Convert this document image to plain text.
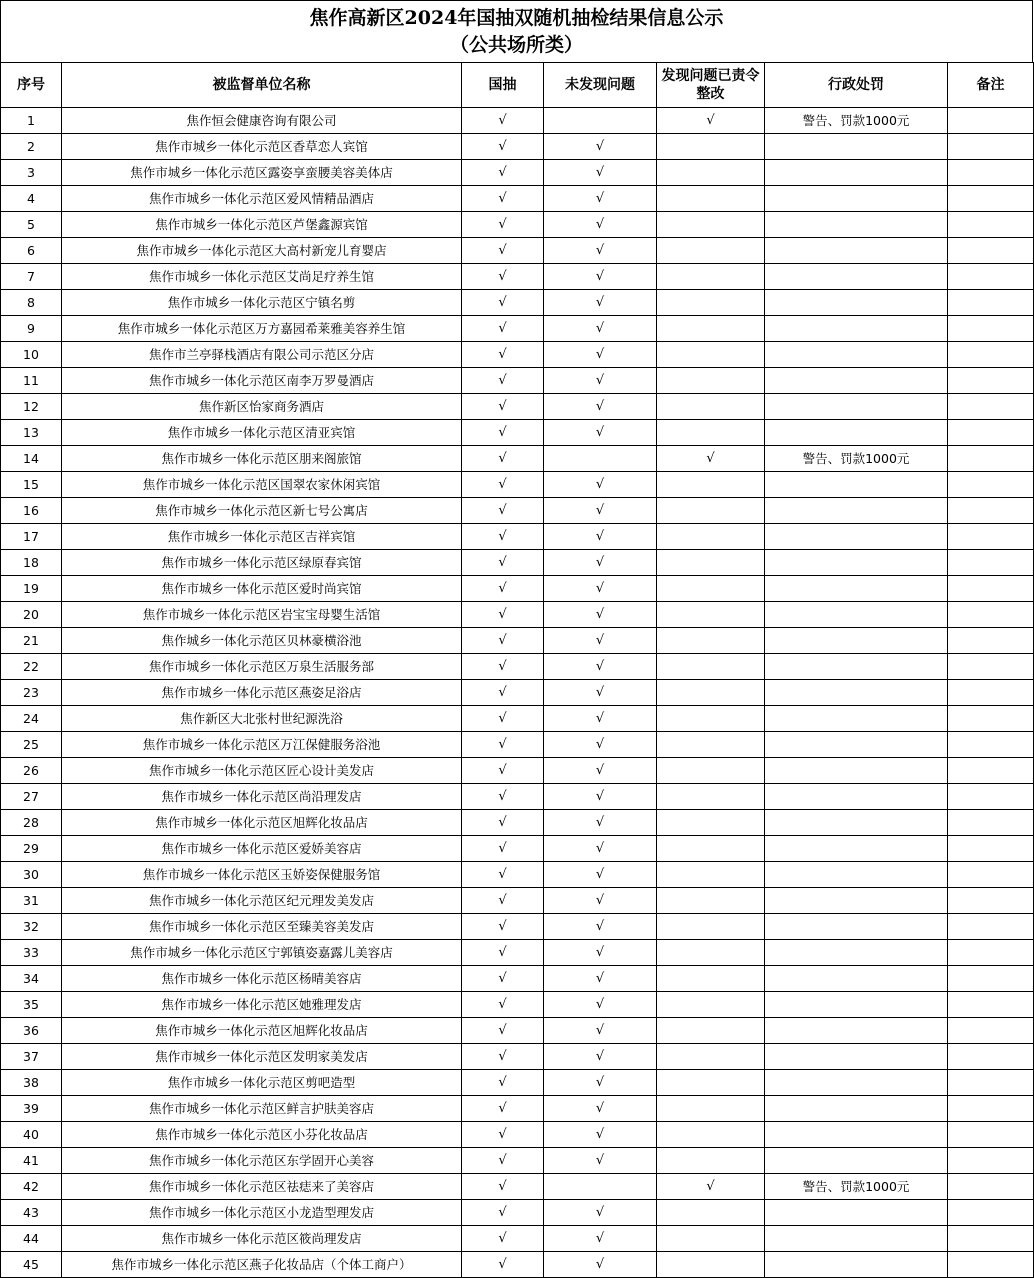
焦作高新区2024年国抽双随机抽检结果信息公示
（公共场所类）
序号	被监督单位名称	国抽	未发现问题	发现问题已责令整改	行政处罚	备注
1	焦作恒会健康咨询有限公司	√		√	警告、罚款1000元	
2	焦作市城乡一体化示范区香草恋人宾馆	√	√			
3	焦作市城乡一体化示范区露姿享蛮腰美容美体店	√	√			
4	焦作市城乡一体化示范区爱风情精品酒店	√	√			
5	焦作市城乡一体化示范区芦堡鑫源宾馆	√	√			
6	焦作市城乡一体化示范区大高村新宠儿育婴店	√	√			
7	焦作市城乡一体化示范区艾尚足疗养生馆	√	√			
8	焦作市城乡一体化示范区宁镇名剪	√	√			
9	焦作市城乡一体化示范区万方嘉园希莱雅美容养生馆	√	√			
10	焦作市兰亭驿栈酒店有限公司示范区分店	√	√			
11	焦作市城乡一体化示范区南李万罗曼酒店	√	√			
12	焦作新区怡家商务酒店	√	√			
13	焦作市城乡一体化示范区清亚宾馆	√	√			
14	焦作市城乡一体化示范区朋来阁旅馆	√		√	警告、罚款1000元	
15	焦作市城乡一体化示范区国翠农家休闲宾馆	√	√			
16	焦作市城乡一体化示范区新七号公寓店	√	√			
17	焦作市城乡一体化示范区吉祥宾馆	√	√			
18	焦作市城乡一体化示范区绿原春宾馆	√	√			
19	焦作市城乡一体化示范区爱时尚宾馆	√	√			
20	焦作市城乡一体化示范区岩宝宝母婴生活馆	√	√			
21	焦作城乡一体化示范区贝林豪横浴池	√	√			
22	焦作市城乡一体化示范区万泉生活服务部	√	√			
23	焦作市城乡一体化示范区燕姿足浴店	√	√			
24	焦作新区大北张村世纪源洗浴	√	√			
25	焦作市城乡一体化示范区万江保健服务浴池	√	√			
26	焦作市城乡一体化示范区匠心设计美发店	√	√			
27	焦作市城乡一体化示范区尚沿理发店	√	√			
28	焦作市城乡一体化示范区旭辉化妆品店	√	√			
29	焦作市城乡一体化示范区爱娇美容店	√	√			
30	焦作市城乡一体化示范区玉娇姿保健服务馆	√	√			
31	焦作市城乡一体化示范区纪元理发美发店	√	√			
32	焦作市城乡一体化示范区至臻美容美发店	√	√			
33	焦作市城乡一体化示范区宁郭镇姿嘉露儿美容店	√	√			
34	焦作市城乡一体化示范区杨晴美容店	√	√			
35	焦作市城乡一体化示范区她雅理发店	√	√			
36	焦作市城乡一体化示范区旭辉化妆品店	√	√			
37	焦作市城乡一体化示范区发明家美发店	√	√			
38	焦作市城乡一体化示范区剪吧造型	√	√			
39	焦作市城乡一体化示范区鲜言护肤美容店	√	√			
40	焦作市城乡一体化示范区小芬化妆品店	√	√			
41	焦作市城乡一体化示范区东学固开心美容	√	√			
42	焦作市城乡一体化示范区祛痣来了美容店	√		√	警告、罚款1000元	
43	焦作市城乡一体化示范区小龙造型理发店	√	√			
44	焦作市城乡一体化示范区筱尚理发店	√	√			
45	焦作市城乡一体化示范区燕子化妆品店（个体工商户）	√	√			
